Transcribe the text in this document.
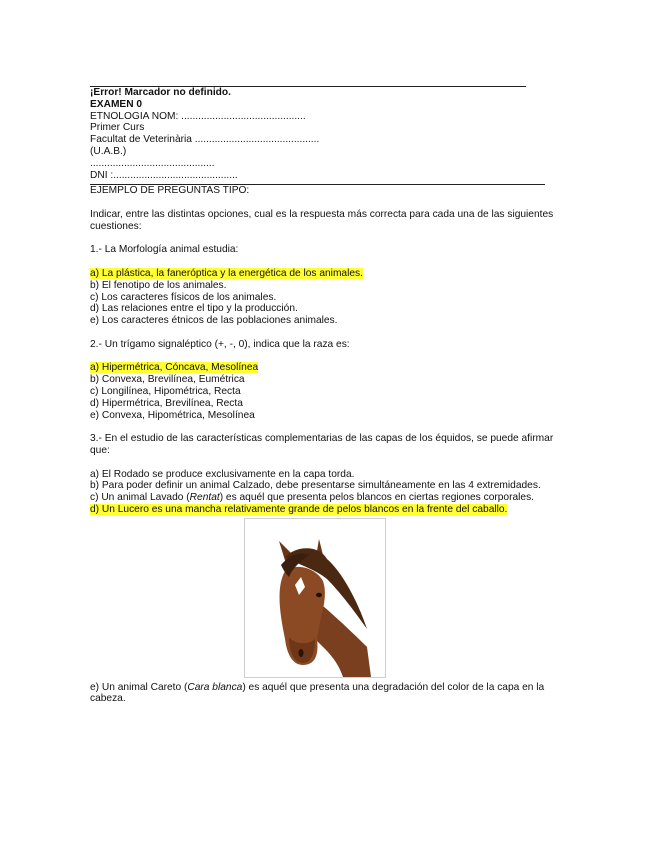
¡Error! Marcador no definido.
EXAMEN 0
ETNOLOGIA NOM: ............................................
Primer Curs
Facultat de Veterinària ............................................
(U.A.B.)
............................................
DNI :............................................
EJEMPLO DE PREGUNTAS TIPO:
Indicar, entre las distintas opciones, cual es la respuesta más correcta para cada una de las siguientes cuestiones:
1.- La Morfología animal estudia:
a) La plástica, la faneróptica y la energética de los animales.
b) El fenotipo de los animales.
c) Los caracteres físicos de los animales.
d) Las relaciones entre el tipo y la producción.
e) Los caracteres étnicos de las poblaciones animales.
2.- Un trígamo signaléptico (+, -, 0), indica que la raza es:
a) Hipermétrica, Cóncava, Mesolínea
b) Convexa, Brevilínea, Eumétrica
c) Longilínea, Hipométrica, Recta
d) Hipermétrica, Brevilínea, Recta
e) Convexa, Hipométrica, Mesolínea
3.- En el estudio de las características complementarias de las capas de los équidos, se puede afirmar que:
a) El Rodado se produce exclusivamente en la capa torda.
b) Para poder definir un animal Calzado, debe presentarse simultáneamente en las 4 extremidades.
c) Un animal Lavado (Rentat) es aquél que presenta pelos blancos en ciertas regiones corporales.
d) Un Lucero es una mancha relativamente grande de pelos blancos en la frente del caballo.
e) Un animal Careto (Cara blanca) es aquél que presenta una degradación del color de la capa en la cabeza.
